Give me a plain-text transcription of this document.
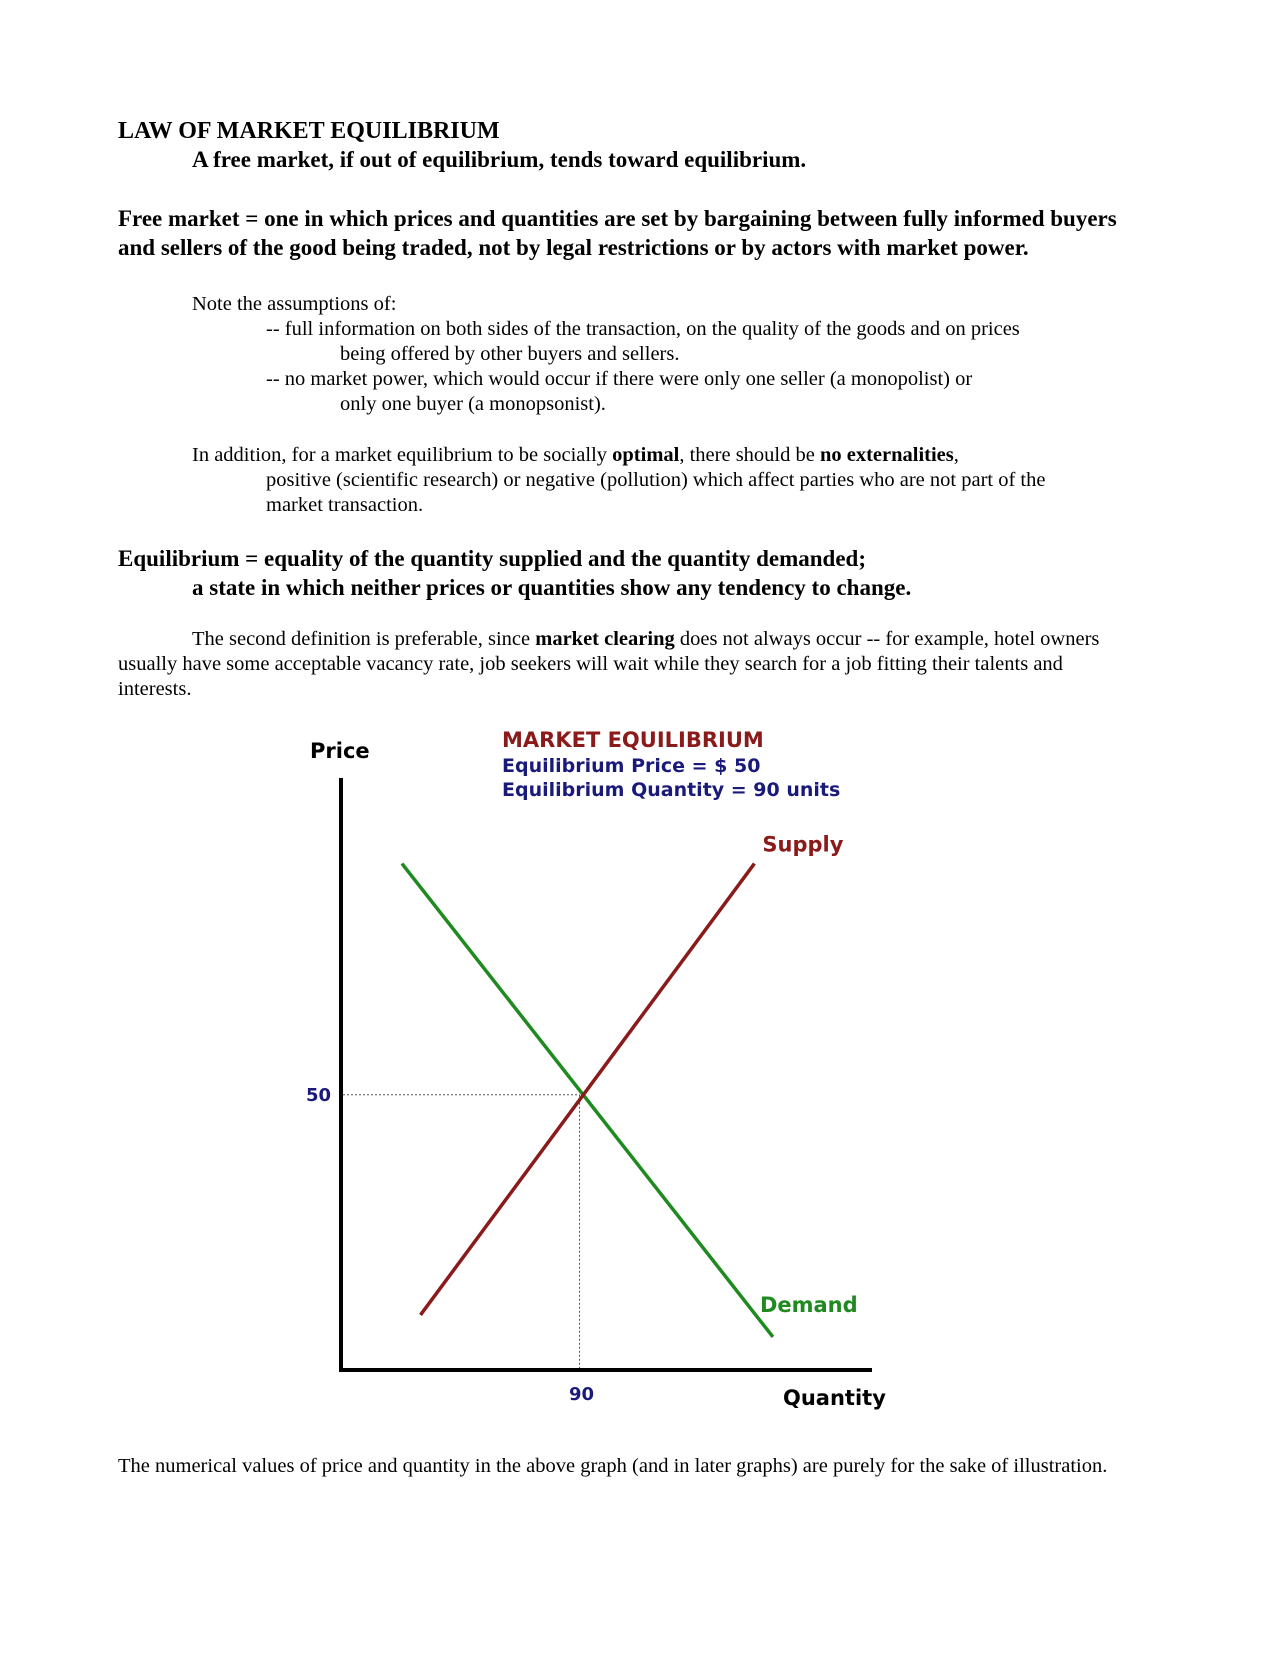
LAW OF MARKET EQUILIBRIUM
A free market, if out of equilibrium, tends toward equilibrium.
Free market = one in which prices and quantities are set by bargaining between fully informed buyers and sellers of the good being traded, not by legal restrictions or by actors with market power.
Note the assumptions of:
-- full information on both sides of the transaction, on the quality of the goods and on prices
being offered by other buyers and sellers.
-- no market power, which would occur if there were only one seller (a monopolist) or
only one buyer (a monopsonist).
In addition, for a market equilibrium to be socially optimal, there should be no externalities,
positive (scientific research) or negative (pollution) which affect parties who are not part of the market transaction.
Equilibrium = equality of the quantity supplied and the quantity demanded;
a state in which neither prices or quantities show any tendency to change.
The second definition is preferable, since market clearing does not always occur -- for example, hotel owners usually have some acceptable vacancy rate, job seekers will wait while they search for a job fitting their talents and interests.
Price	MARKET EQUILIBRIUM
Equilibrium Price = $ 50
Equilibrium Quantity = 90 units
50
90
Supply
Demand
Quantity
The numerical values of price and quantity in the above graph (and in later graphs) are purely for the sake of illustration.
